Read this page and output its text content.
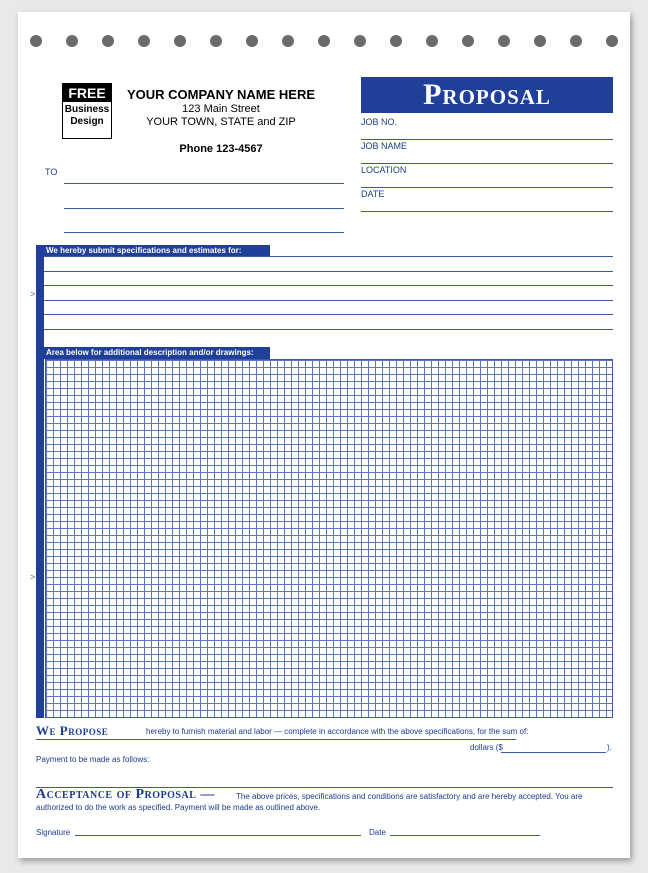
FREE
Business
Design
YOUR COMPANY NAME HERE
123 Main Street
YOUR TOWN, STATE and ZIP
Phone 123-4567
TO
Proposal
JOB NO.
JOB NAME
LOCATION
DATE
>
>
We hereby submit specifications and estimates for:
Area below for additional description and/or drawings:
We Propose	hereby to furnish material and labor — complete in accordance with the above specifications, for the sum of:
dollars ($	).
Payment to be made as follows:
Acceptance of Proposal —	The above prices, specifications and conditions are satisfactory and are hereby accepted. You are authorized to do the work as specified. Payment will be made as outlined above.
Signature	Date
